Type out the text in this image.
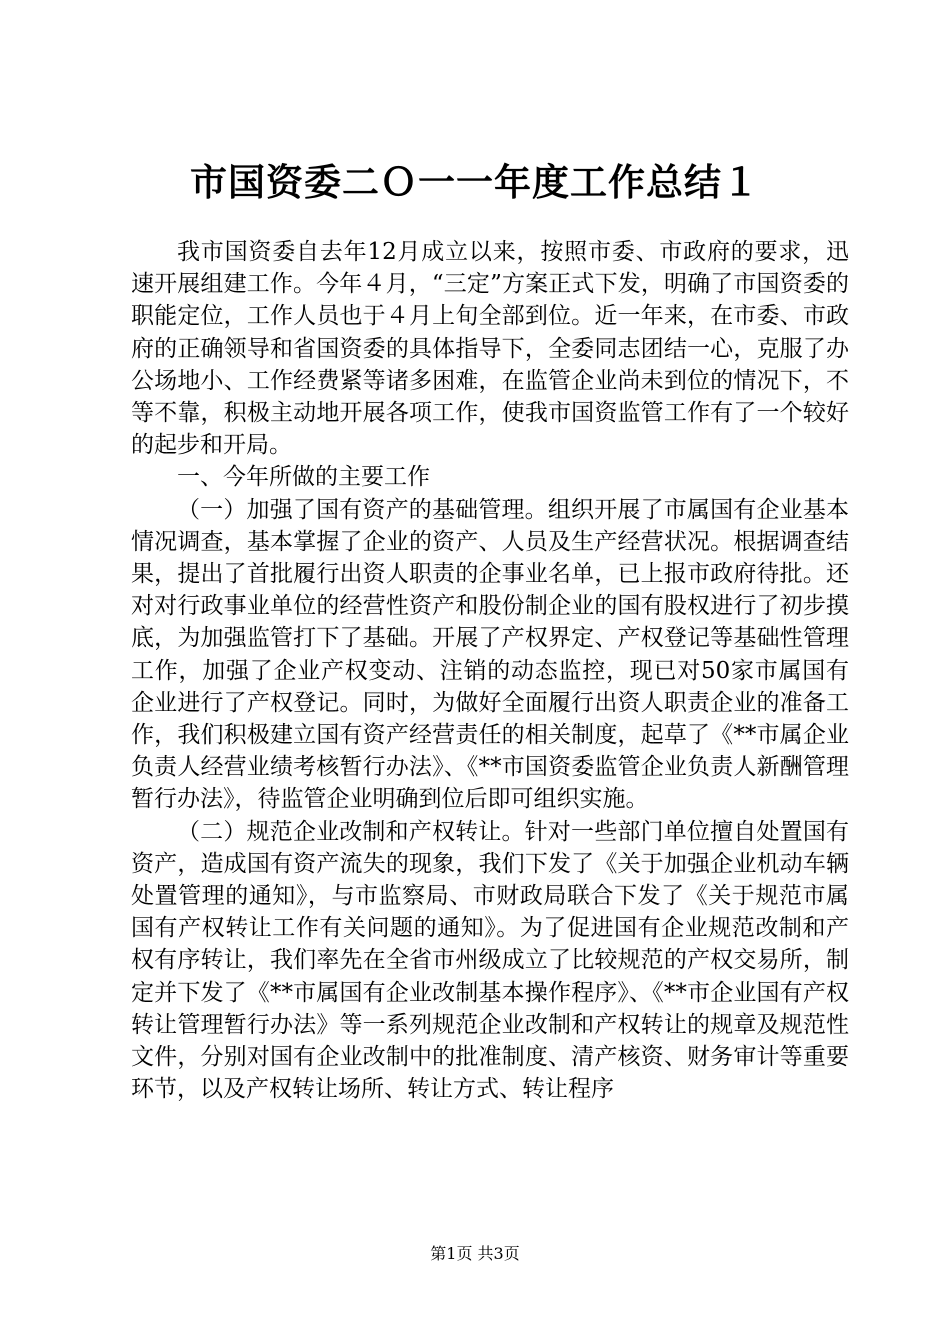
市国资委二Ｏ一一年度工作总结１

我市国资委自去年12月成立以来，按照市委、市政府的要求，迅速开展组建工作。今年４月，“三定”方案正式下发，明确了市国资委的职能定位，工作人员也于４月上旬全部到位。近一年来，在市委、市政府的正确领导和省国资委的具体指导下，全委同志团结一心，克服了办公场地小、工作经费紧等诸多困难，在监管企业尚未到位的情况下，不等不靠，积极主动地开展各项工作，使我市国资监管工作有了一个较好的起步和开局。

一、今年所做的主要工作

（一）加强了国有资产的基础管理。组织开展了市属国有企业基本情况调查，基本掌握了企业的资产、人员及生产经营状况。根据调查结果，提出了首批履行出资人职责的企事业名单，已上报市政府待批。还对对行政事业单位的经营性资产和股份制企业的国有股权进行了初步摸底，为加强监管打下了基础。开展了产权界定、产权登记等基础性管理工作，加强了企业产权变动、注销的动态监控，现已对50家市属国有企业进行了产权登记。同时，为做好全面履行出资人职责企业的准备工作，我们积极建立国有资产经营责任的相关制度，起草了《**市属企业负责人经营业绩考核暂行办法》、《**市国资委监管企业负责人新酬管理暂行办法》，待监管企业明确到位后即可组织实施。

（二）规范企业改制和产权转让。针对一些部门单位擅自处置国有资产，造成国有资产流失的现象，我们下发了《关于加强企业机动车辆处置管理的通知》，与市监察局、市财政局联合下发了《关于规范市属国有产权转让工作有关问题的通知》。为了促进国有企业规范改制和产权有序转让，我们率先在全省市州级成立了比较规范的产权交易所，制定并下发了《**市属国有企业改制基本操作程序》、《**市企业国有产权转让管理暂行办法》等一系列规范企业改制和产权转让的规章及规范性文件，分别对国有企业改制中的批准制度、清产核资、财务审计等重要环节，以及产权转让场所、转让方式、转让程序

第1页 共3页
